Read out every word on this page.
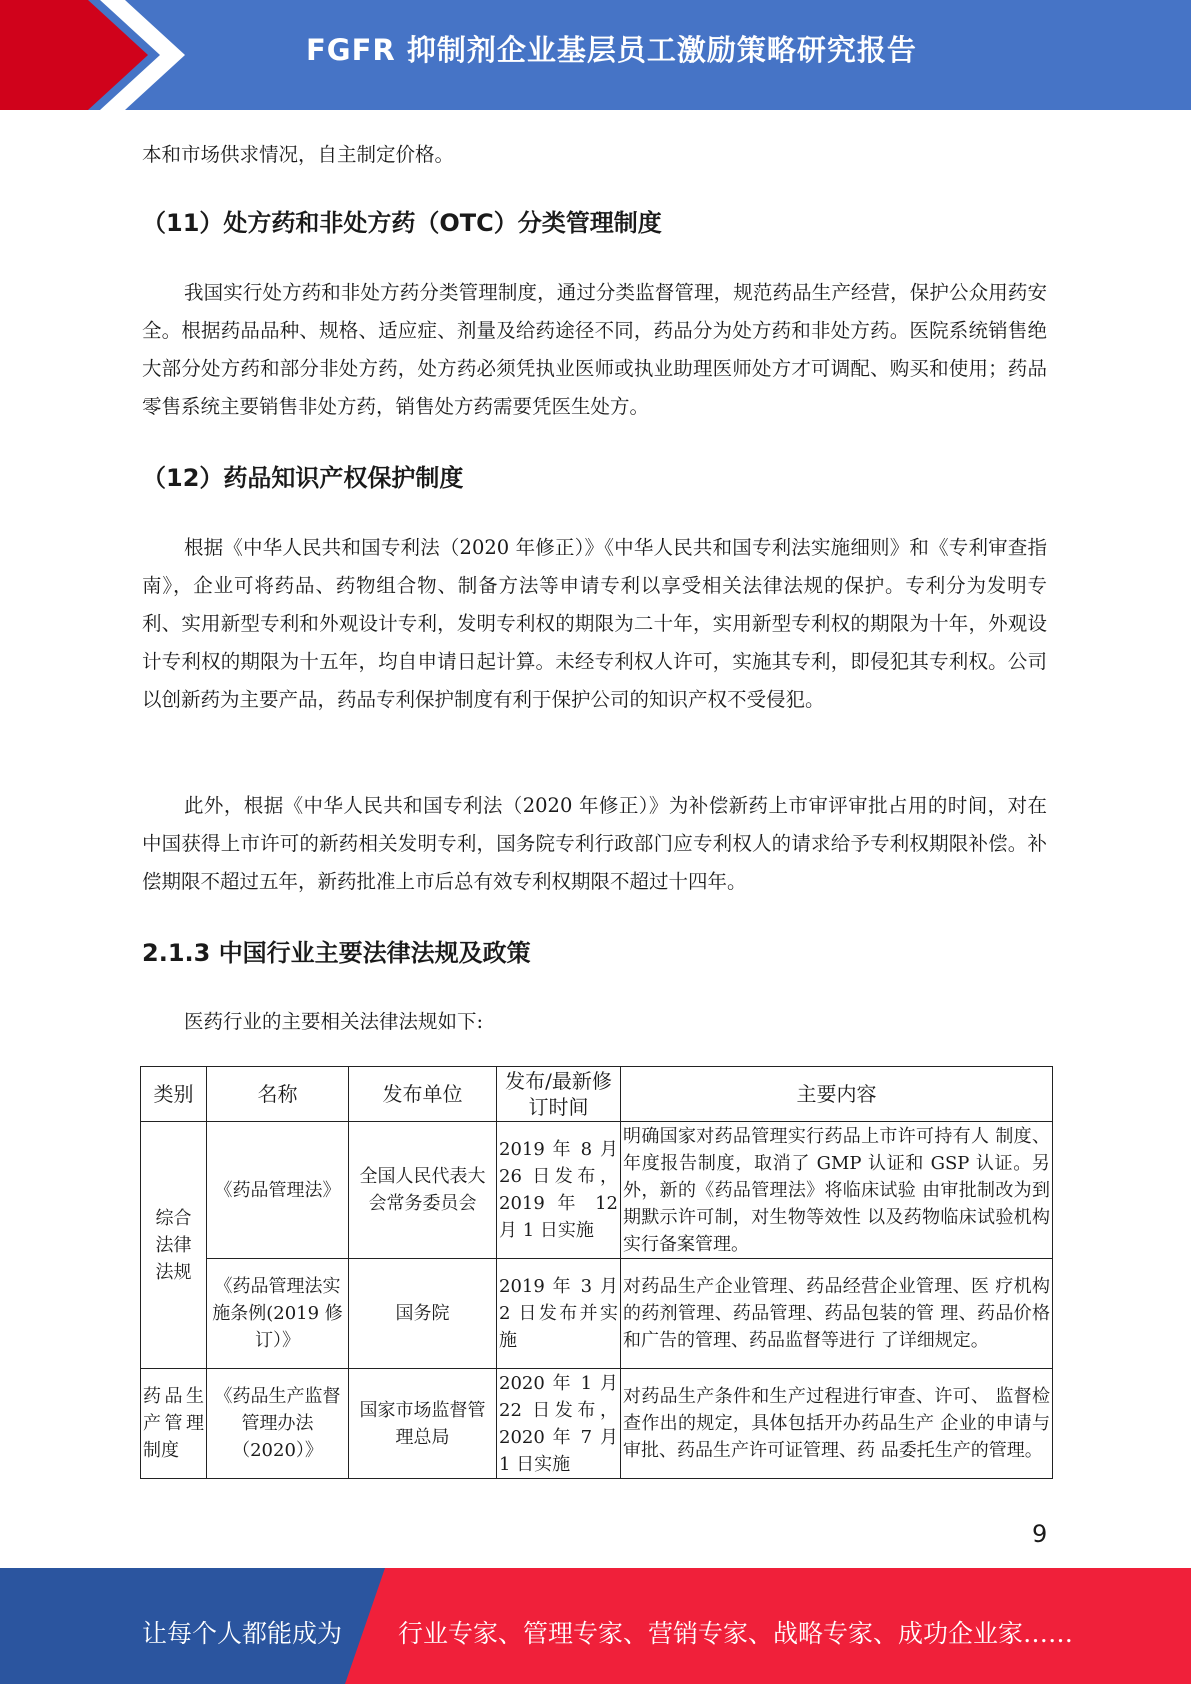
FGFR 抑制剂企业基层员工激励策略研究报告

本和市场供求情况，自主制定价格。

（11）处方药和非处方药（OTC）分类管理制度

我国实行处方药和非处方药分类管理制度，通过分类监督管理，规范药品生产经营，保护公众用药安全。根据药品品种、规格、适应症、剂量及给药途径不同，药品分为处方药和非处方药。医院系统销售绝大部分处方药和部分非处方药，处方药必须凭执业医师或执业助理医师处方才可调配、购买和使用；药品零售系统主要销售非处方药，销售处方药需要凭医生处方。

（12）药品知识产权保护制度

根据《中华人民共和国专利法（2020 年修正）》《中华人民共和国专利法实施细则》和《专利审查指南》，企业可将药品、药物组合物、制备方法等申请专利以享受相关法律法规的保护。专利分为发明专利、实用新型专利和外观设计专利，发明专利权的期限为二十年，实用新型专利权的期限为十年，外观设计专利权的期限为十五年，均自申请日起计算。未经专利权人许可，实施其专利，即侵犯其专利权。公司以创新药为主要产品，药品专利保护制度有利于保护公司的知识产权不受侵犯。

此外，根据《中华人民共和国专利法（2020 年修正）》为补偿新药上市审评审批占用的时间，对在中国获得上市许可的新药相关发明专利，国务院专利行政部门应专利权人的请求给予专利权期限补偿。补偿期限不超过五年，新药批准上市后总有效专利权期限不超过十四年。

2.1.3 中国行业主要法律法规及政策

医药行业的主要相关法律法规如下:

类别	名称	发布单位	发布/最新修订时间	主要内容
综合法律法规	《药品管理法》	全国人民代表大会常务委员会	2019 年 8 月 26 日发布，2019 年 12 月 1 日实施	明确国家对药品管理实行药品上市许可持有人 制度、年度报告制度，取消了 GMP 认证和 GSP 认证。另外，新的《药品管理法》将临床试验 由审批制改为到期默示许可制，对生物等效性 以及药物临床试验机构实行备案管理。
	《药品管理法实施条例(2019 修订）》	国务院	2019 年 3 月 2 日发布并实施	对药品生产企业管理、药品经营企业管理、医 疗机构的药剂管理、药品管理、药品包装的管 理、药品价格和广告的管理、药品监督等进行 了详细规定。
药品生产管理制度	《药品生产监督管理办法（2020）》	国家市场监督管理总局	2020 年 1 月 22 日发布，2020 年 7 月 1 日实施	对药品生产条件和生产过程进行审查、许可、 监督检查作出的规定，具体包括开办药品生产 企业的申请与审批、药品生产许可证管理、药 品委托生产的管理。
9
让每个人都能成为 行业专家、管理专家、营销专家、战略专家、成功企业家……
